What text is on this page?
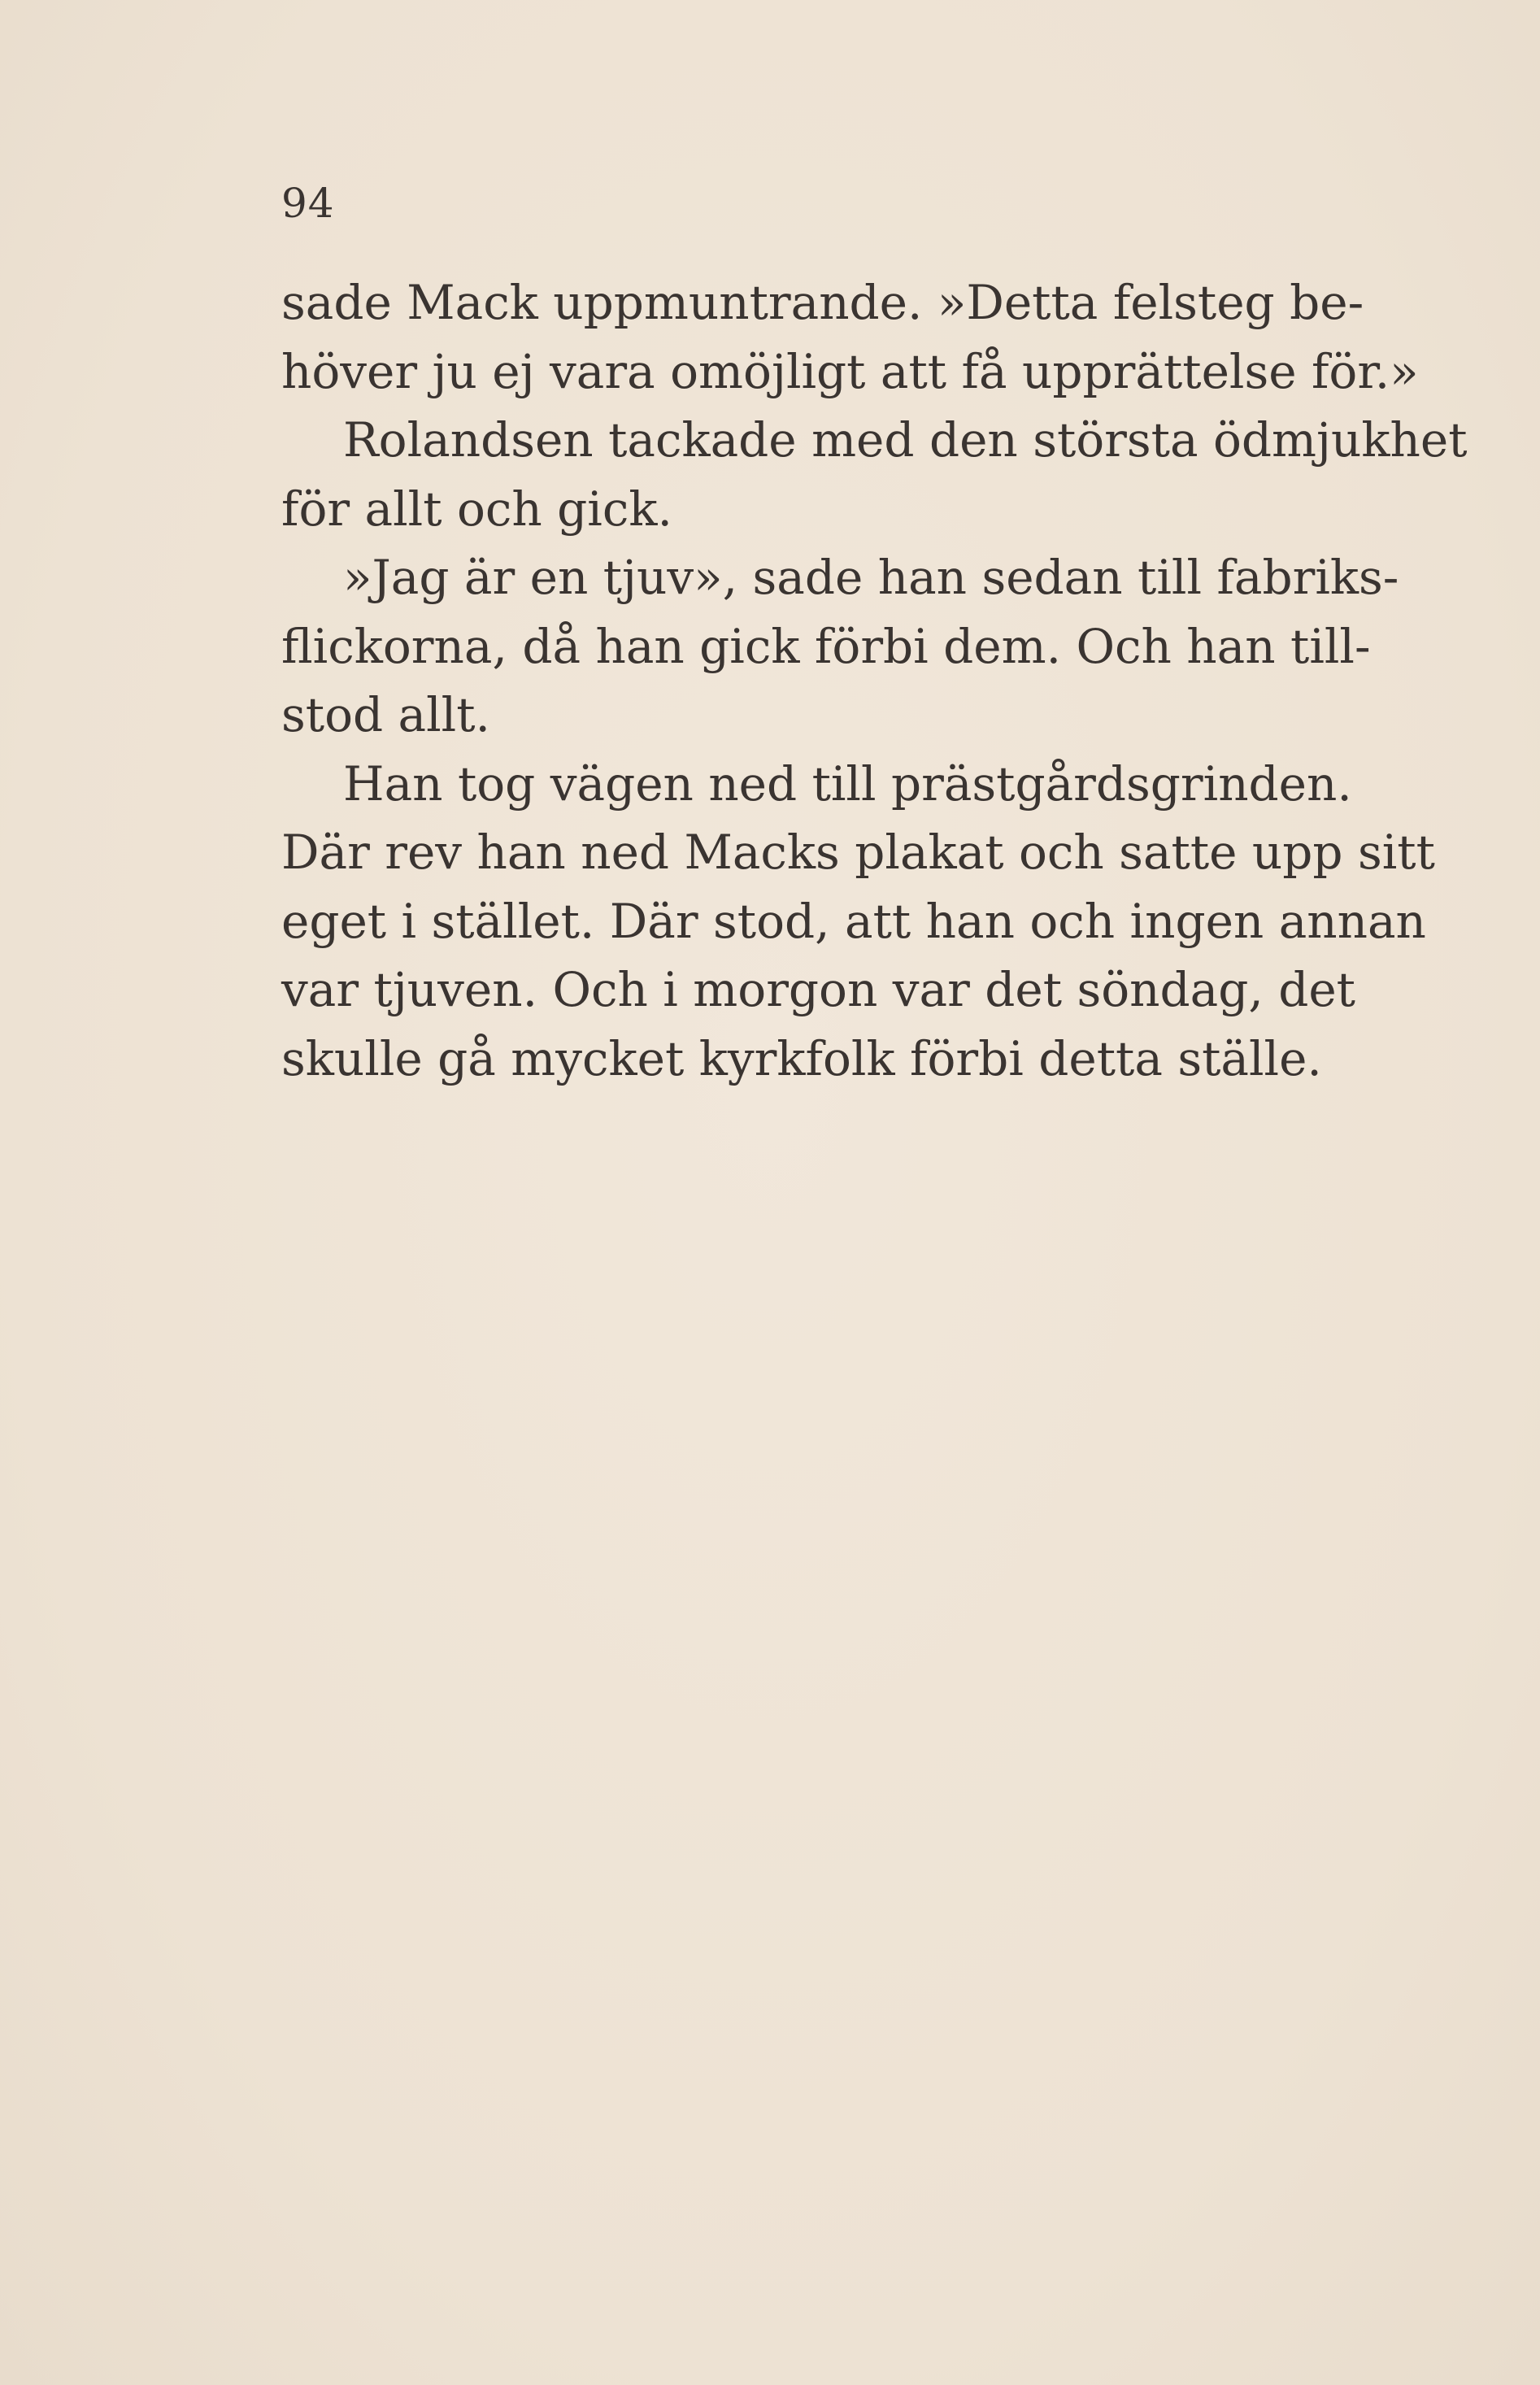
94
sade Mack uppmuntrande. »Detta felsteg be-
höver ju ej vara omöjligt att få upprättelse för.»
Rolandsen tackade med den största ödmjukhet
för allt och gick.
»Jag är en tjuv», sade han sedan till fabriks-
flickorna, då han gick förbi dem. Och han till-
stod allt.
Han tog vägen ned till prästgårdsgrinden.
Där rev han ned Macks plakat och satte upp sitt
eget i stället. Där stod, att han och ingen annan
var tjuven. Och i morgon var det söndag, det
skulle gå mycket kyrkfolk förbi detta ställe.
